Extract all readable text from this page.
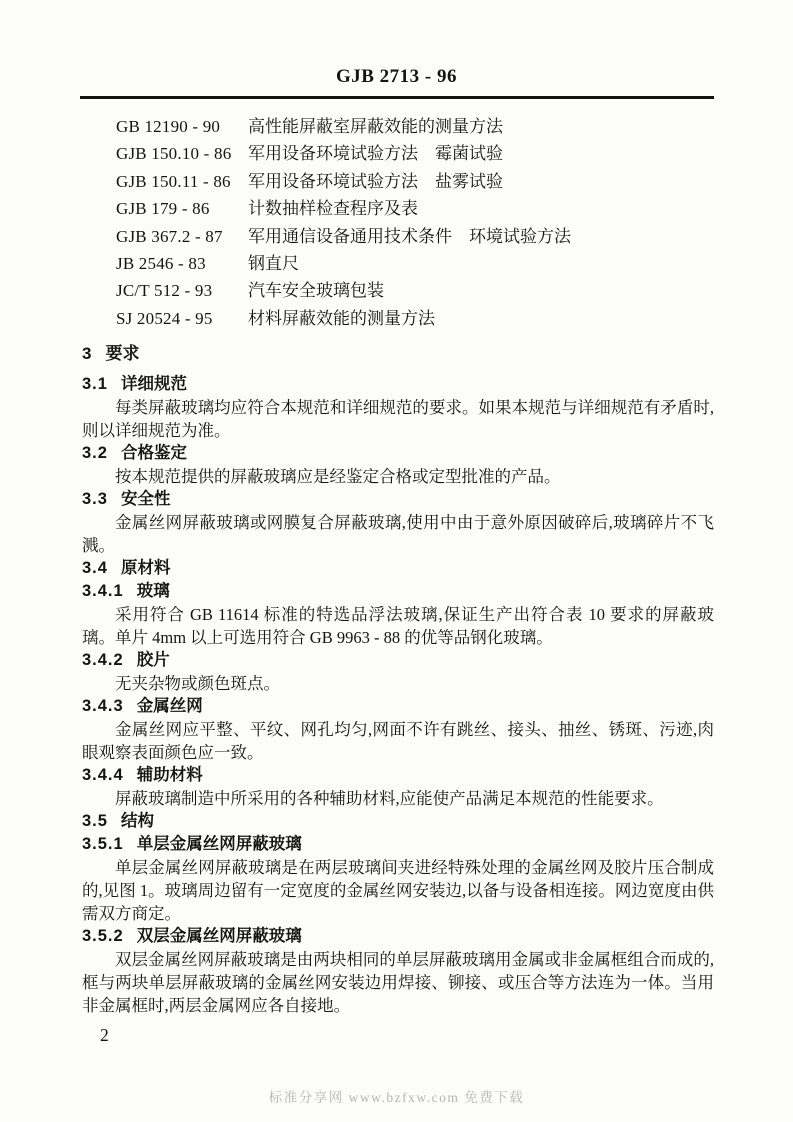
GJB 2713 - 96
GB 12190 - 90	高性能屏蔽室屏蔽效能的测量方法
GJB 150.10 - 86 军用设备环境试验方法　霉菌试验
GJB 150.11 - 86	军用设备环境试验方法　盐雾试验
GJB 179 - 86	计数抽样检查程序及表
GJB 367.2 - 87	军用通信设备通用技术条件　环境试验方法
JB 2546 - 83	钢直尺
JC/T 512 - 93	汽车安全玻璃包装
SJ 20524 - 95	材料屏蔽效能的测量方法
3 要求
3.1 详细规范

每类屏蔽玻璃均应符合本规范和详细规范的要求。如果本规范与详细规范有矛盾时,则以详细规范为准。

3.2 合格鉴定

按本规范提供的屏蔽玻璃应是经鉴定合格或定型批准的产品。

3.3 安全性

金属丝网屏蔽玻璃或网膜复合屏蔽玻璃,使用中由于意外原因破碎后,玻璃碎片不飞溅。

3.4 原材料
3.4.1 玻璃

采用符合 GB 11614 标准的特选品浮法玻璃,保证生产出符合表 10 要求的屏蔽玻璃。单片 4mm 以上可选用符合 GB 9963 - 88 的优等品钢化玻璃。

3.4.2 胶片

无夹杂物或颜色斑点。

3.4.3 金属丝网

金属丝网应平整、平纹、网孔均匀,网面不许有跳丝、接头、抽丝、锈斑、污迹,肉眼观察表面颜色应一致。

3.4.4 辅助材料

屏蔽玻璃制造中所采用的各种辅助材料,应能使产品满足本规范的性能要求。

3.5 结构
3.5.1 单层金属丝网屏蔽玻璃

单层金属丝网屏蔽玻璃是在两层玻璃间夹进经特殊处理的金属丝网及胶片压合制成的,见图 1。玻璃周边留有一定宽度的金属丝网安装边,以备与设备相连接。网边宽度由供需双方商定。

3.5.2 双层金属丝网屏蔽玻璃

双层金属丝网屏蔽玻璃是由两块相同的单层屏蔽玻璃用金属或非金属框组合而成的,框与两块单层屏蔽玻璃的金属丝网安装边用焊接、铆接、或压合等方法连为一体。当用非金属框时,两层金属网应各自接地。

2
标准分享网 www.bzfxw.com 免费下载
